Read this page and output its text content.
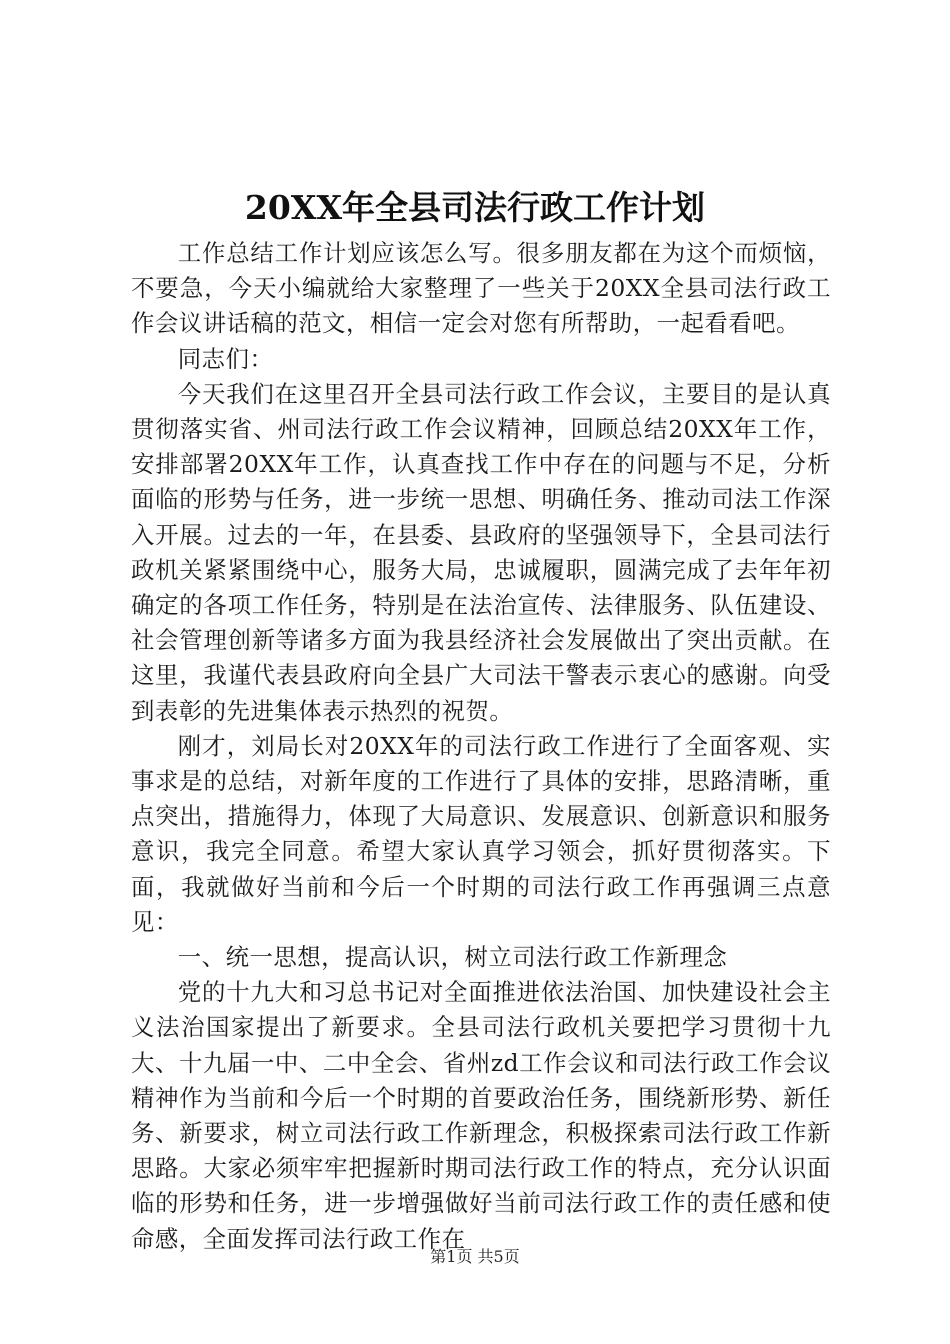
20XX年全县司法行政工作计划

工作总结工作计划应该怎么写。很多朋友都在为这个而烦恼，不要急，今天小编就给大家整理了一些关于20XX全县司法行政工作会议讲话稿的范文，相信一定会对您有所帮助，一起看看吧。

同志们：

今天我们在这里召开全县司法行政工作会议，主要目的是认真贯彻落实省、州司法行政工作会议精神，回顾总结20XX年工作，安排部署20XX年工作，认真查找工作中存在的问题与不足，分析面临的形势与任务，进一步统一思想、明确任务、推动司法工作深入开展。过去的一年，在县委、县政府的坚强领导下，全县司法行政机关紧紧围绕中心，服务大局，忠诚履职，圆满完成了去年年初确定的各项工作任务，特别是在法治宣传、法律服务、队伍建设、社会管理创新等诸多方面为我县经济社会发展做出了突出贡献。在这里，我谨代表县政府向全县广大司法干警表示衷心的感谢。向受到表彰的先进集体表示热烈的祝贺。

刚才，刘局长对20XX年的司法行政工作进行了全面客观、实事求是的总结，对新年度的工作进行了具体的安排，思路清晰，重点突出，措施得力，体现了大局意识、发展意识、创新意识和服务意识，我完全同意。希望大家认真学习领会，抓好贯彻落实。下面，我就做好当前和今后一个时期的司法行政工作再强调三点意见：

一、统一思想，提高认识，树立司法行政工作新理念

党的十九大和习总书记对全面推进依法治国、加快建设社会主义法治国家提出了新要求。全县司法行政机关要把学习贯彻十九大、十九届一中、二中全会、省州zd工作会议和司法行政工作会议精神作为当前和今后一个时期的首要政治任务，围绕新形势、新任务、新要求，树立司法行政工作新理念，积极探索司法行政工作新思路。大家必须牢牢把握新时期司法行政工作的特点，充分认识面临的形势和任务，进一步增强做好当前司法行政工作的责任感和使命感，全面发挥司法行政工作在

第1页 共5页
